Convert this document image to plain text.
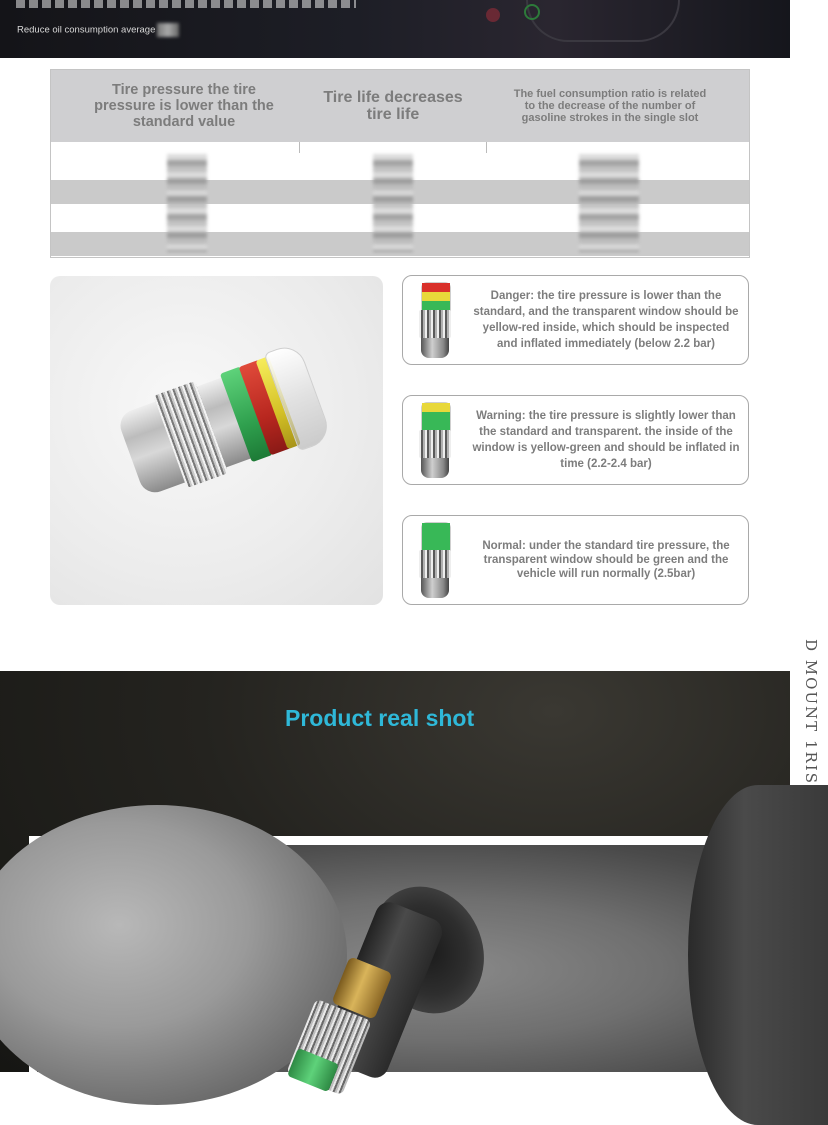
Reduce oil consumption average
Tire pressure the tire pressure is lower than the standard value
Tire life decreases tire life
The fuel consumption ratio is related to the decrease of the number of gasoline strokes in the single slot
Danger: the tire pressure is lower than the standard, and the transparent window should be yellow-red inside, which should be inspected and inflated immediately (below 2.2 bar)
Warning: the tire pressure is slightly lower than the standard and transparent. the inside of the window is yellow-green and should be inflated in time (2.2-2.4 bar)
Normal: under the standard tire pressure, the transparent window should be green and the vehicle will run normally (2.5bar)
Product real shot	D MOUNT 1RIS
